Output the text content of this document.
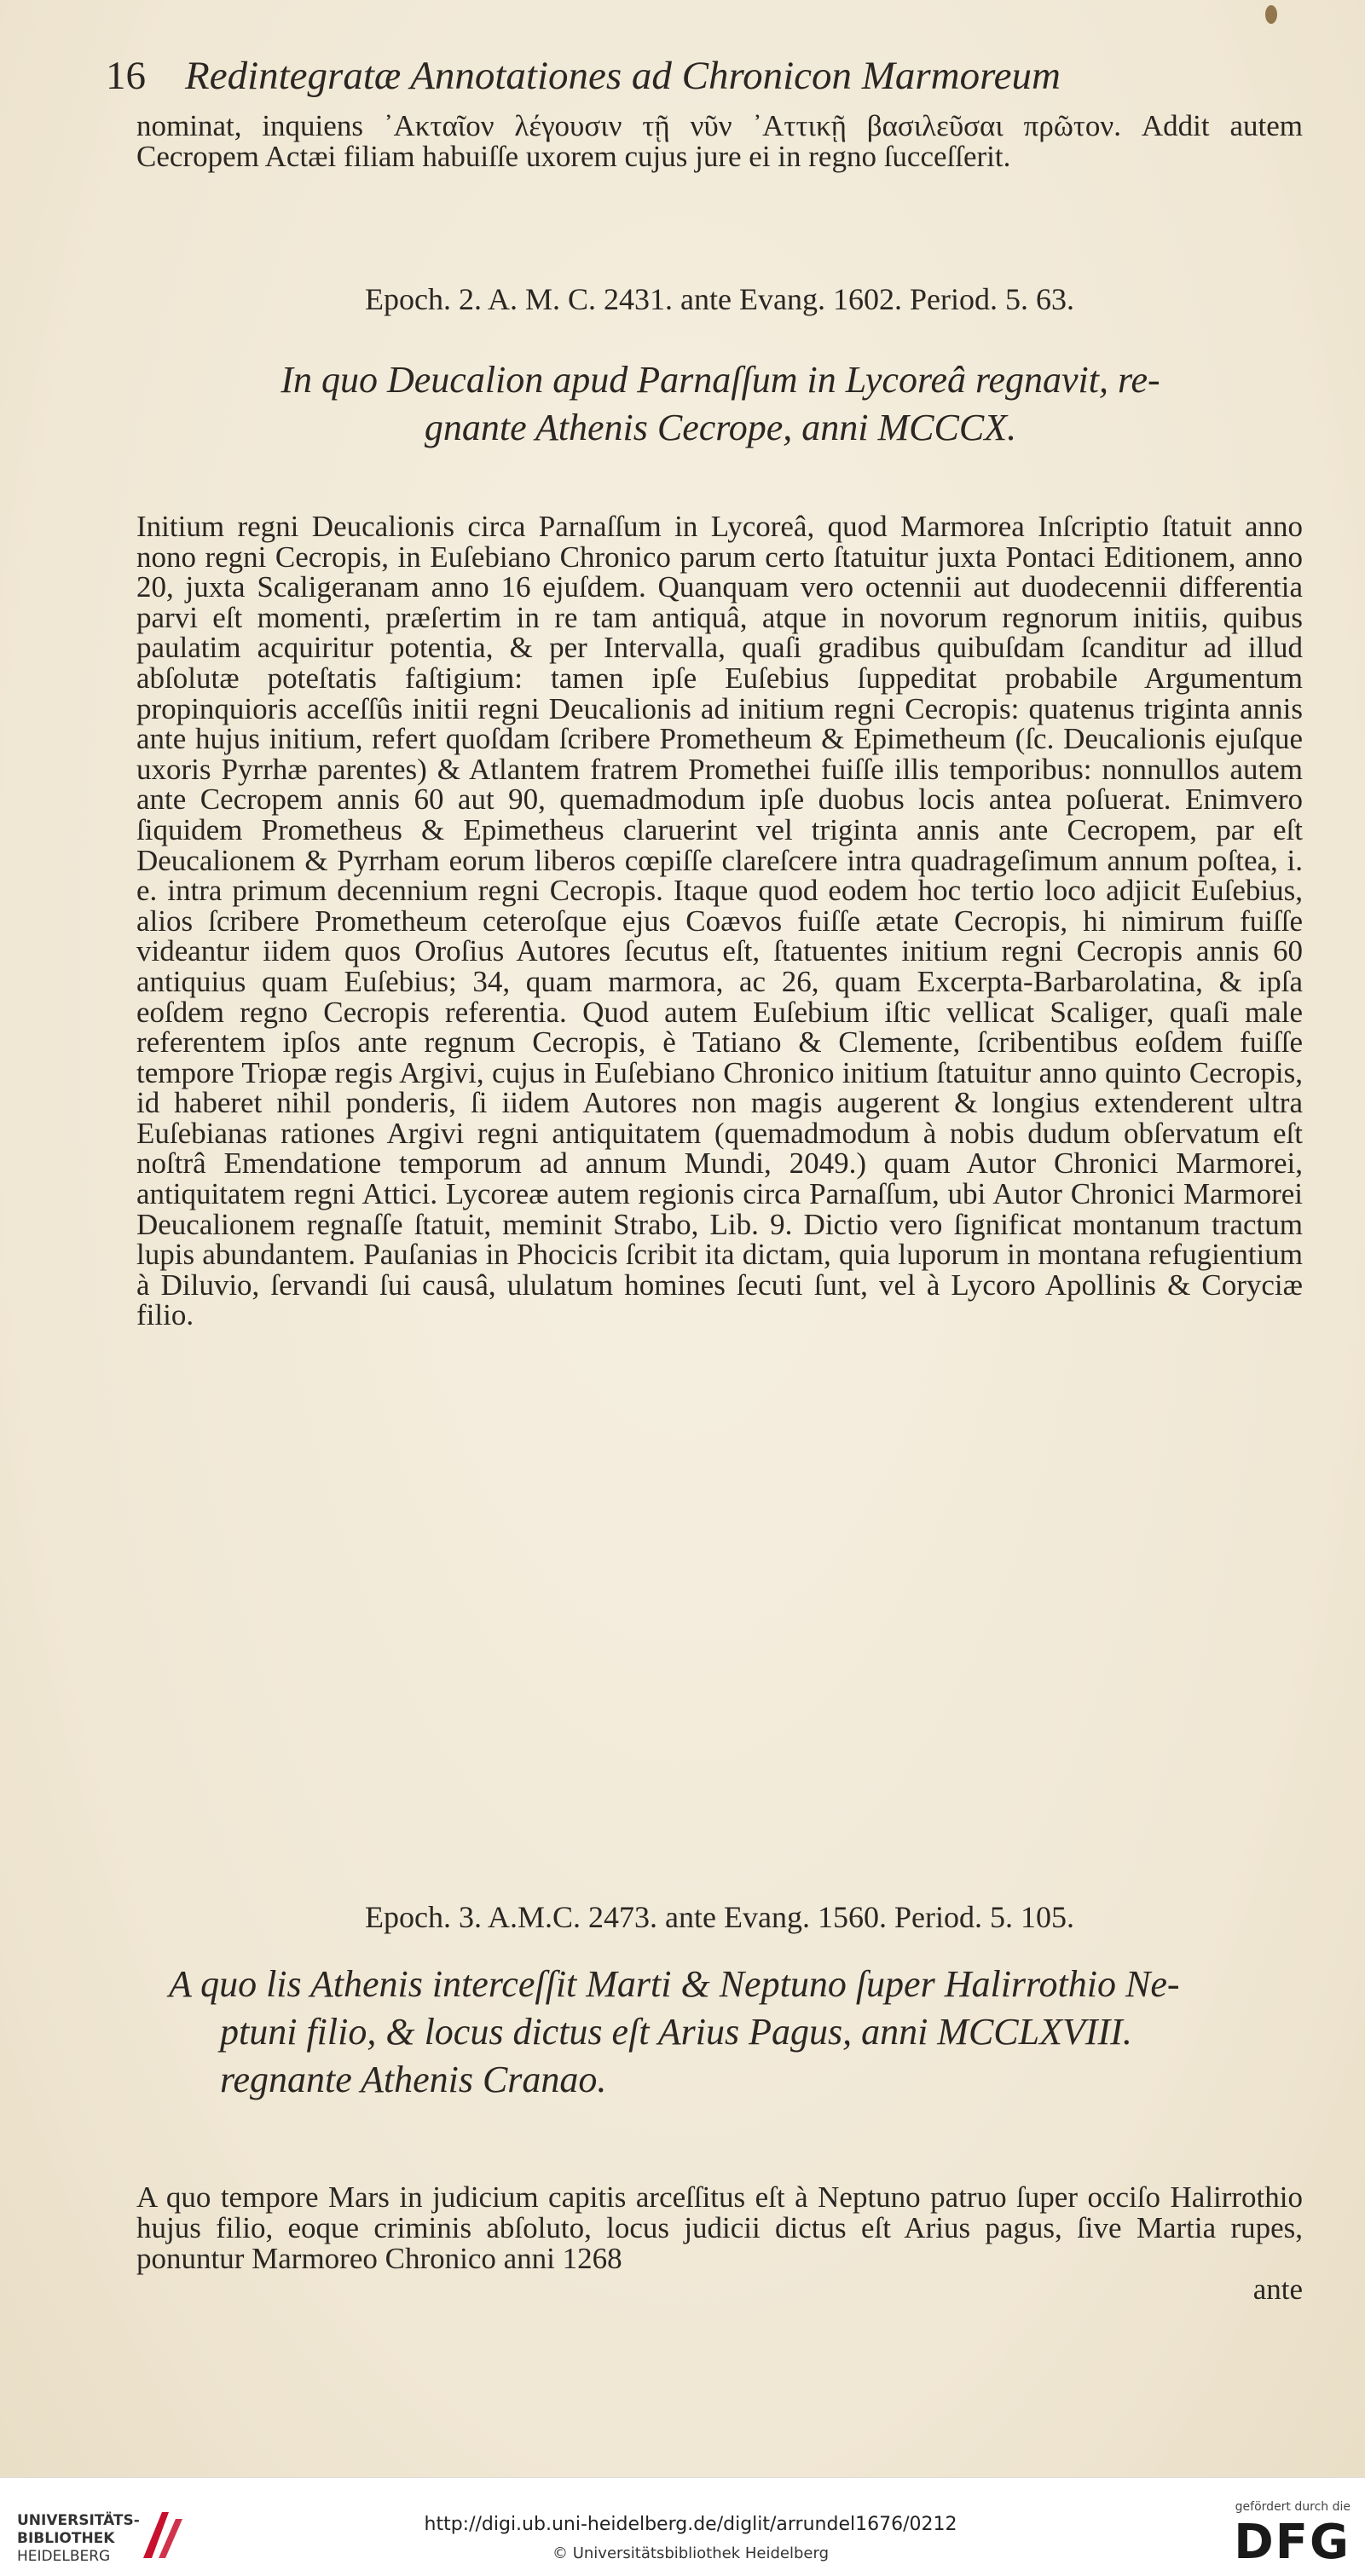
16 Redintegratæ Annotationes ad Chronicon Marmoreum
nominat, inquiens ᾽Ακταῖον λέγουσιν τῇ νῦν ᾽Αττικῇ βασιλεῦσαι πρῶτον. Addit autem Cecropem Actæi filiam habuiſſe uxorem cujus jure ei in regno ſucceſſerit.
Epoch. 2. A. M. C. 2431. ante Evang. 1602. Period. 5. 63.
In quo Deucalion apud Parnaſſum in Lycoreâ regnavit, re-
gnante Athenis Cecrope, anni MCCCX.
Initium regni Deucalionis circa Parnaſſum in Lycoreâ, quod Marmorea Inſcriptio ſtatuit anno nono regni Cecropis, in Euſebiano Chronico parum certo ſtatuitur juxta Pontaci Editionem, anno 20, juxta Scaligeranam anno 16 ejuſdem. Quanquam vero octennii aut duodecennii differentia parvi eſt momenti, præſertim in re tam antiquâ, atque in novorum regnorum initiis, quibus paulatim acquiritur potentia, & per Intervalla, quaſi gradibus quibuſdam ſcanditur ad illud abſolutæ poteſtatis faſtigium: tamen ipſe Euſebius ſuppeditat probabile Argumentum propinquioris acceſſûs initii regni Deucalionis ad initium regni Cecropis: quatenus triginta annis ante hujus initium, refert quoſdam ſcribere Prometheum & Epimetheum (ſc. Deucalionis ejuſque uxoris Pyrrhæ parentes) & Atlantem fratrem Promethei fuiſſe illis temporibus: nonnullos autem ante Cecropem annis 60 aut 90, quemadmodum ipſe duobus locis antea poſuerat. Enimvero ſiquidem Prometheus & Epimetheus claruerint vel triginta annis ante Cecropem, par eſt Deucalionem & Pyrrham eorum liberos cœpiſſe clareſcere intra quadrageſimum annum poſtea, i. e. intra primum decennium regni Cecropis. Itaque quod eodem hoc tertio loco adjicit Euſebius, alios ſcribere Prometheum ceteroſque ejus Coævos fuiſſe ætate Cecropis, hi nimirum fuiſſe videantur iidem quos Oroſius Autores ſecutus eſt, ſtatuentes initium regni Cecropis annis 60 antiquius quam Euſebius; 34, quam marmora, ac 26, quam Excerpta-Barbarolatina, & ipſa eoſdem regno Cecropis referentia. Quod autem Euſebium iſtic vellicat Scaliger, quaſi male referentem ipſos ante regnum Cecropis, è Tatiano & Clemente, ſcribentibus eoſdem fuiſſe tempore Triopæ regis Argivi, cujus in Euſebiano Chronico initium ſtatuitur anno quinto Cecropis, id haberet nihil ponderis, ſi iidem Autores non magis augerent & longius extenderent ultra Euſebianas rationes Argivi regni antiquitatem (quemadmodum à nobis dudum obſervatum eſt noſtrâ Emendatione temporum ad annum Mundi, 2049.) quam Autor Chronici Marmorei, antiquitatem regni Attici. Lycoreæ autem regionis circa Parnaſſum, ubi Autor Chronici Marmorei Deucalionem regnaſſe ſtatuit, meminit Strabo, Lib. 9. Dictio vero ſignificat montanum tractum lupis abundantem. Pauſanias in Phocicis ſcribit ita dictam, quia luporum in montana refugientium à Diluvio, ſervandi ſui causâ, ululatum homines ſecuti ſunt, vel à Lycoro Apollinis & Coryciæ filio.
Epoch. 3. A.M.C. 2473. ante Evang. 1560. Period. 5. 105.
A quo lis Athenis interceſſit Marti & Neptuno ſuper Halirrothio Ne-
ptuni filio, & locus dictus eſt Arius Pagus, anni MCCLXVIII.
regnante Athenis Cranao.
A quo tempore Mars in judicium capitis arceſſitus eſt à Neptuno patruo ſuper occiſo Halirrothio hujus filio, eoque criminis abſoluto, locus judicii dictus eſt Arius pagus, ſive Martia rupes, ponuntur Marmoreo Chronico anni 1268
ante
UNIVERSITÄTS-
BIBLIOTHEK
HEIDELBERG
http://digi.ub.uni-heidelberg.de/diglit/arrundel1676/0212
© Universitätsbibliothek Heidelberg
gefördert durch die
DFG
